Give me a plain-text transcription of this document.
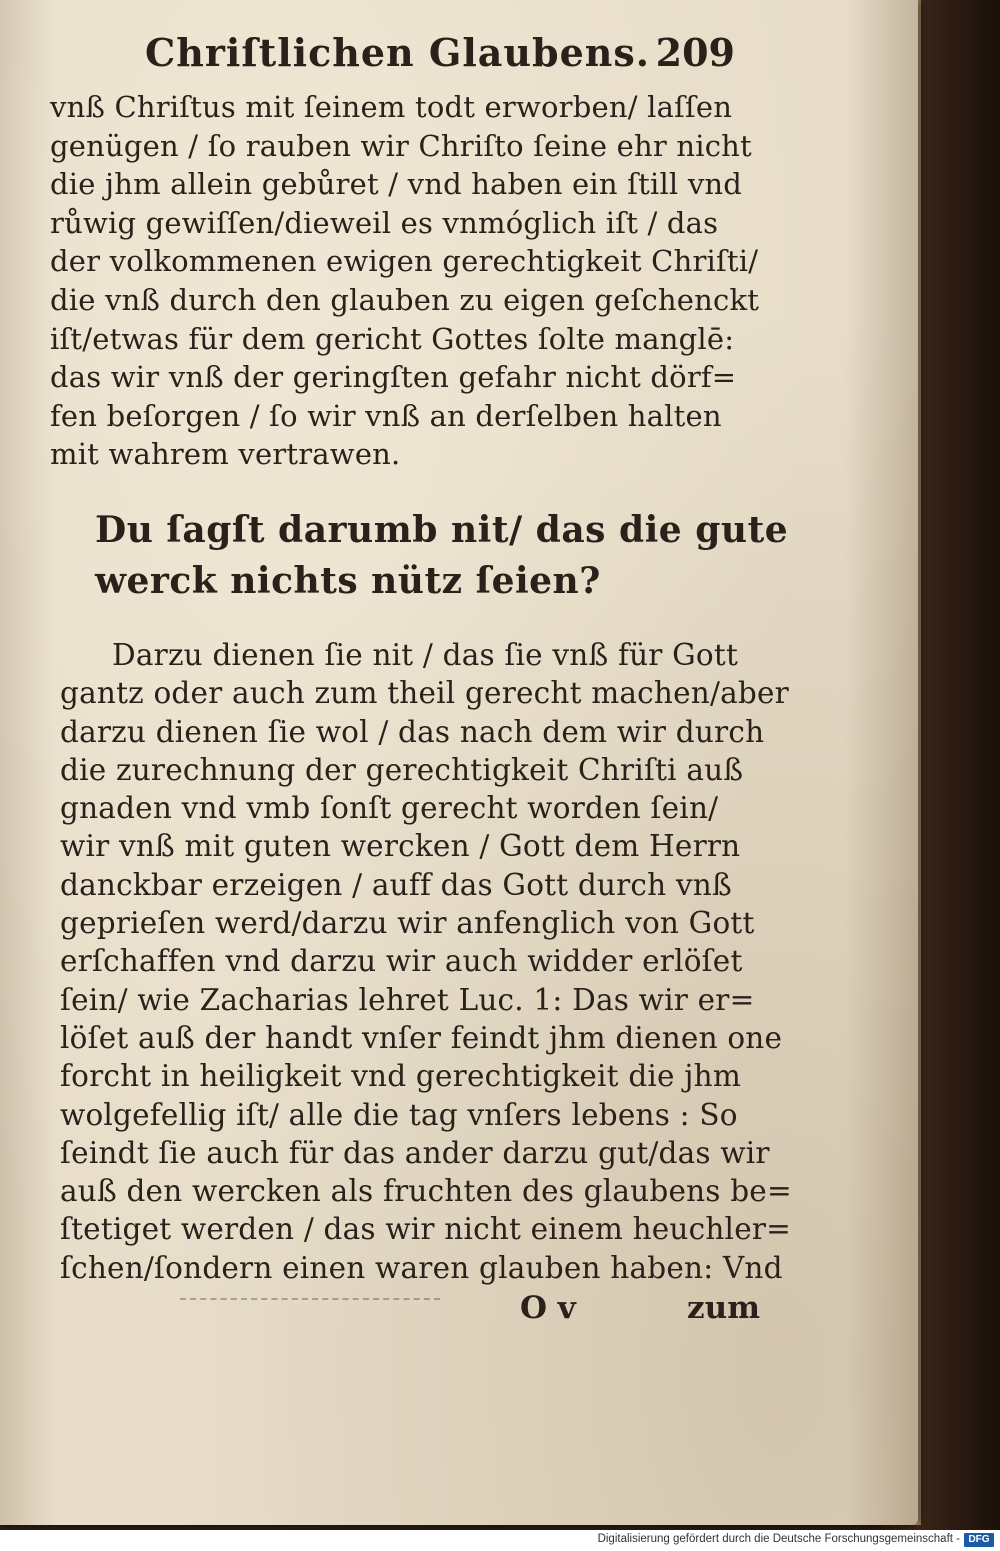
Chriſtlichen Glaubens. 209
vnß Chriſtus mit ſeinem todt erworben/ laſſen
genügen / ſo rauben wir Chriſto ſeine ehr nicht
die jhm allein gebůret / vnd haben ein ſtill vnd
růwig gewiſſen/dieweil es vnmóglich iſt / das
der volkommenen ewigen gerechtigkeit Chriſti/
die vnß durch den glauben zu eigen geſchenckt
iſt/etwas für dem gericht Gottes ſolte manglē:
das wir vnß der geringſten gefahr nicht dörf=
fen beſorgen / ſo wir vnß an derſelben halten
mit wahrem vertrawen.
Du ſagſt darumb nit/ das die gute
werck nichts nütz ſeien?
Darzu dienen ſie nit / das ſie vnß für Gott
gantz oder auch zum theil gerecht machen/aber
darzu dienen ſie wol / das nach dem wir durch
die zurechnung der gerechtigkeit Chriſti auß
gnaden vnd vmb ſonſt gerecht worden ſein/
wir vnß mit guten wercken / Gott dem Herrn
danckbar erzeigen / auff das Gott durch vnß
geprieſen werd/darzu wir anfenglich von Gott
erſchaffen vnd darzu wir auch widder erlöſet
ſein/ wie Zacharias lehret Luc. 1: Das wir er=
löſet auß der handt vnſer feindt jhm dienen one
forcht in heiligkeit vnd gerechtigkeit die jhm
wolgefellig iſt/ alle die tag vnſers lebens : So
ſeindt ſie auch für das ander darzu gut/das wir
auß den wercken als fruchten des glaubens be=
ſtetiget werden / das wir nicht einem heuchler=
ſchen/ſondern einen waren glauben haben: Vnd
O v	zum
Digitalisierung gefördert durch die Deutsche Forschungsgemeinschaft - DFG
